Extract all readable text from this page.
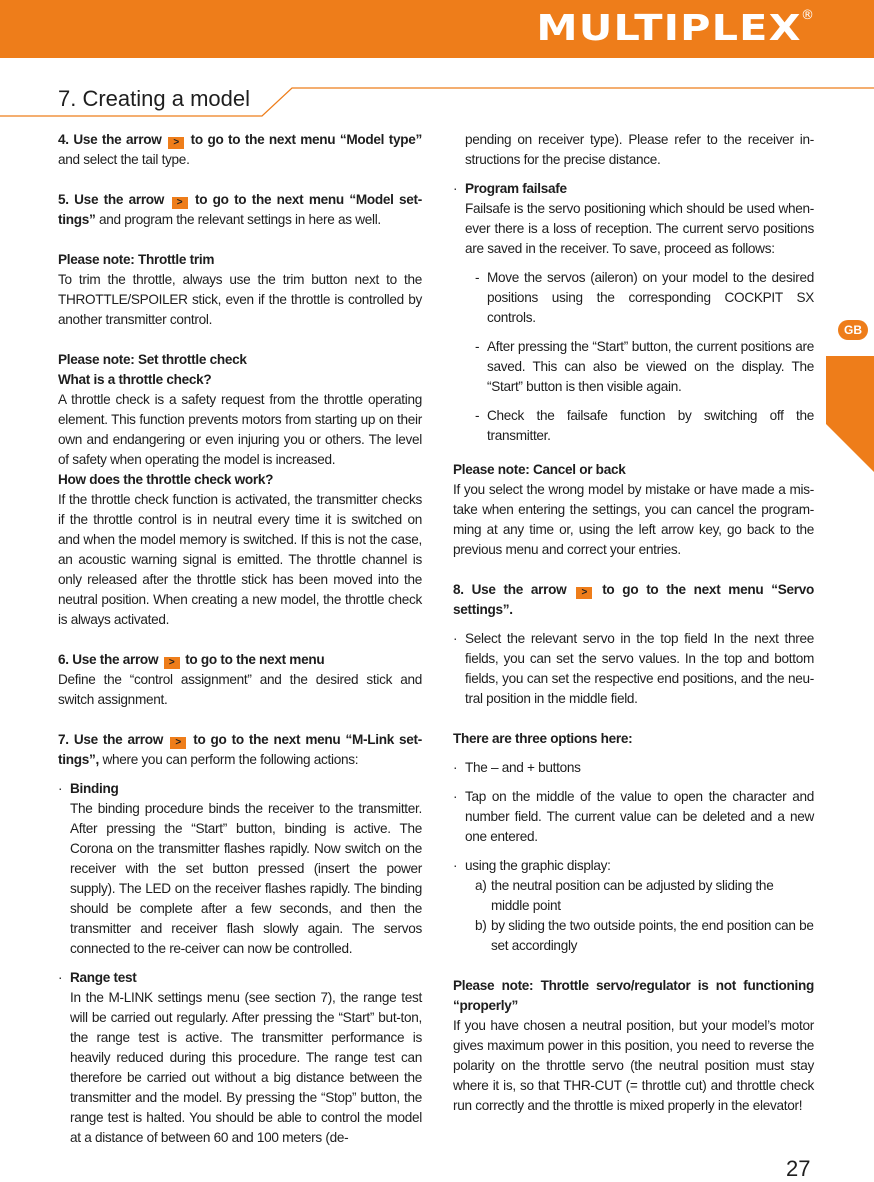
MULTIPLEX ®
7. Creating a model
GB

4. Use the arrow > to go to the next menu “Model type” and select the tail type.

5. Use the arrow > to go to the next menu “Model set-tings” and program the relevant settings in here as well.

Please note: Throttle trim

To trim the throttle, always use the trim button next to the THROTTLE/SPOILER stick, even if the throttle is controlled by another transmitter control.

Please note: Set throttle check

What is a throttle check?

A throttle check is a safety request from the throttle operating element. This function prevents motors from starting up on their own and endangering or even injuring you or others. The level of safety when operating the model is increased.

How does the throttle check work?

If the throttle check function is activated, the transmitter checks if the throttle control is in neutral every time it is switched on and when the model memory is switched. If this is not the case, an acoustic warning signal is emitted. The throttle channel is only released after the throttle stick has been moved into the neutral position. When creating a new model, the throttle check is always activated.

6. Use the arrow > to go to the next menu

Define the “control assignment” and the desired stick and switch assignment.

7. Use the arrow > to go to the next menu “M-Link set-tings”, where you can perform the following actions:

· Binding

The binding procedure binds the receiver to the transmitter. After pressing the “Start” button, binding is active. The Corona on the transmitter flashes rapidly. Now switch on the receiver with the set button pressed (insert the power supply). The LED on the receiver flashes rapidly. The binding should be complete after a few seconds, and then the transmitter and receiver flash slowly again. The servos connected to the re-ceiver can now be controlled.

· Range test

In the M-LINK settings menu (see section 7), the range test will be carried out regularly. After pressing the “Start” but-ton, the range test is active. The transmitter performance is heavily reduced during this procedure. The range test can therefore be carried out without a big distance between the transmitter and the model. By pressing the “Stop” button, the range test is halted. You should be able to control the model at a distance of between 60 and 100 meters (de-

pending on receiver type). Please refer to the receiver in-structions for the precise distance.

· Program failsafe

Failsafe is the servo positioning which should be used when-ever there is a loss of reception. The current servo positions are saved in the receiver. To save, proceed as follows:

- Move the servos (aileron) on your model to the desired positions using the corresponding COCKPIT SX controls.

- After pressing the “Start” button, the current positions are saved. This can also be viewed on the display. The “Start” button is then visible again.

- Check the failsafe function by switching off the transmitter.

Please note: Cancel or back

If you select the wrong model by mistake or have made a mis-take when entering the settings, you can cancel the program-ming at any time or, using the left arrow key, go back to the previous menu and correct your entries.

8. Use the arrow > to go to the next menu “Servo settings”.

· Select the relevant servo in the top field In the next three fields, you can set the servo values. In the top and bottom fields, you can set the respective end positions, and the neu-tral position in the middle field.

There are three options here:

· The – and + buttons

· Tap on the middle of the value to open the character and number field. The current value can be deleted and a new one entered.

· using the graphic display:

a) the neutral position can be adjusted by sliding the middle point

b) by sliding the two outside points, the end position can be set accordingly

Please note: Throttle servo/regulator is not functioning “properly”

If you have chosen a neutral position, but your model’s motor gives maximum power in this position, you need to reverse the polarity on the throttle servo (the neutral position must stay where it is, so that THR-CUT (= throttle cut) and throttle check run correctly and the throttle is mixed properly in the elevator!

27
